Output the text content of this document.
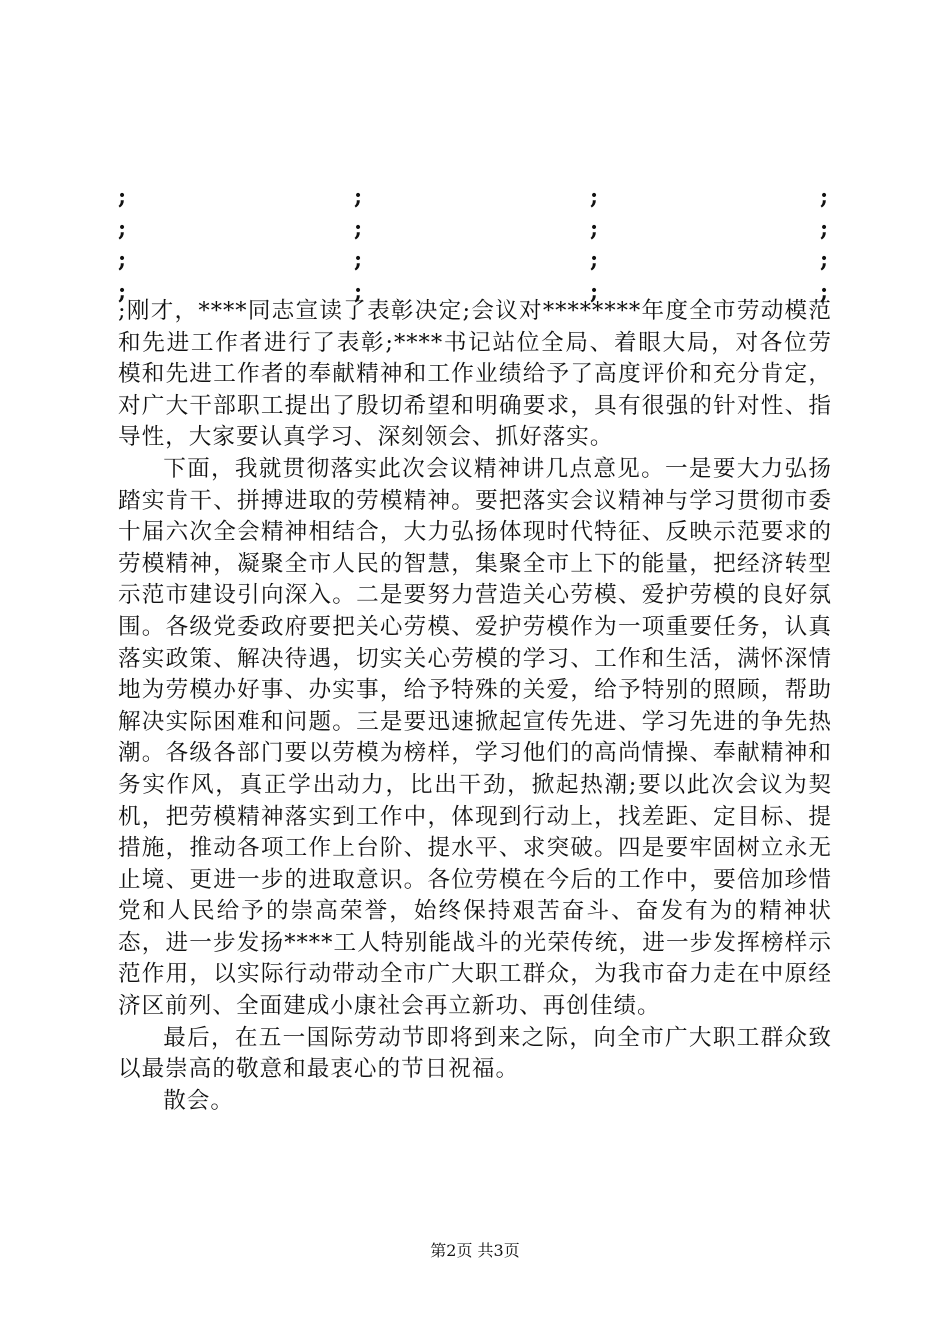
;	;	;	;
;	;	;	;
;	;	;	;
;	;	;	;

;刚才，****同志宣读了表彰决定;会议对********年度全市劳动模范和先进工作者进行了表彰;****书记站位全局、着眼大局，对各位劳模和先进工作者的奉献精神和工作业绩给予了高度评价和充分肯定，对广大干部职工提出了殷切希望和明确要求，具有很强的针对性、指导性，大家要认真学习、深刻领会、抓好落实。

下面，我就贯彻落实此次会议精神讲几点意见。一是要大力弘扬踏实肯干、拼搏进取的劳模精神。要把落实会议精神与学习贯彻市委十届六次全会精神相结合，大力弘扬体现时代特征、反映示范要求的劳模精神，凝聚全市人民的智慧，集聚全市上下的能量，把经济转型示范市建设引向深入。二是要努力营造关心劳模、爱护劳模的良好氛围。各级党委政府要把关心劳模、爱护劳模作为一项重要任务，认真落实政策、解决待遇，切实关心劳模的学习、工作和生活，满怀深情地为劳模办好事、办实事，给予特殊的关爱，给予特别的照顾，帮助解决实际困难和问题。三是要迅速掀起宣传先进、学习先进的争先热潮。各级各部门要以劳模为榜样，学习他们的高尚情操、奉献精神和务实作风，真正学出动力，比出干劲，掀起热潮;要以此次会议为契机，把劳模精神落实到工作中，体现到行动上，找差距、定目标、提措施，推动各项工作上台阶、提水平、求突破。四是要牢固树立永无止境、更进一步的进取意识。各位劳模在今后的工作中，要倍加珍惜党和人民给予的崇高荣誉，始终保持艰苦奋斗、奋发有为的精神状态，进一步发扬****工人特别能战斗的光荣传统，进一步发挥榜样示范作用，以实际行动带动全市广大职工群众，为我市奋力走在中原经济区前列、全面建成小康社会再立新功、再创佳绩。

最后，在五一国际劳动节即将到来之际，向全市广大职工群众致以最崇高的敬意和最衷心的节日祝福。

散会。

第2页 共3页
